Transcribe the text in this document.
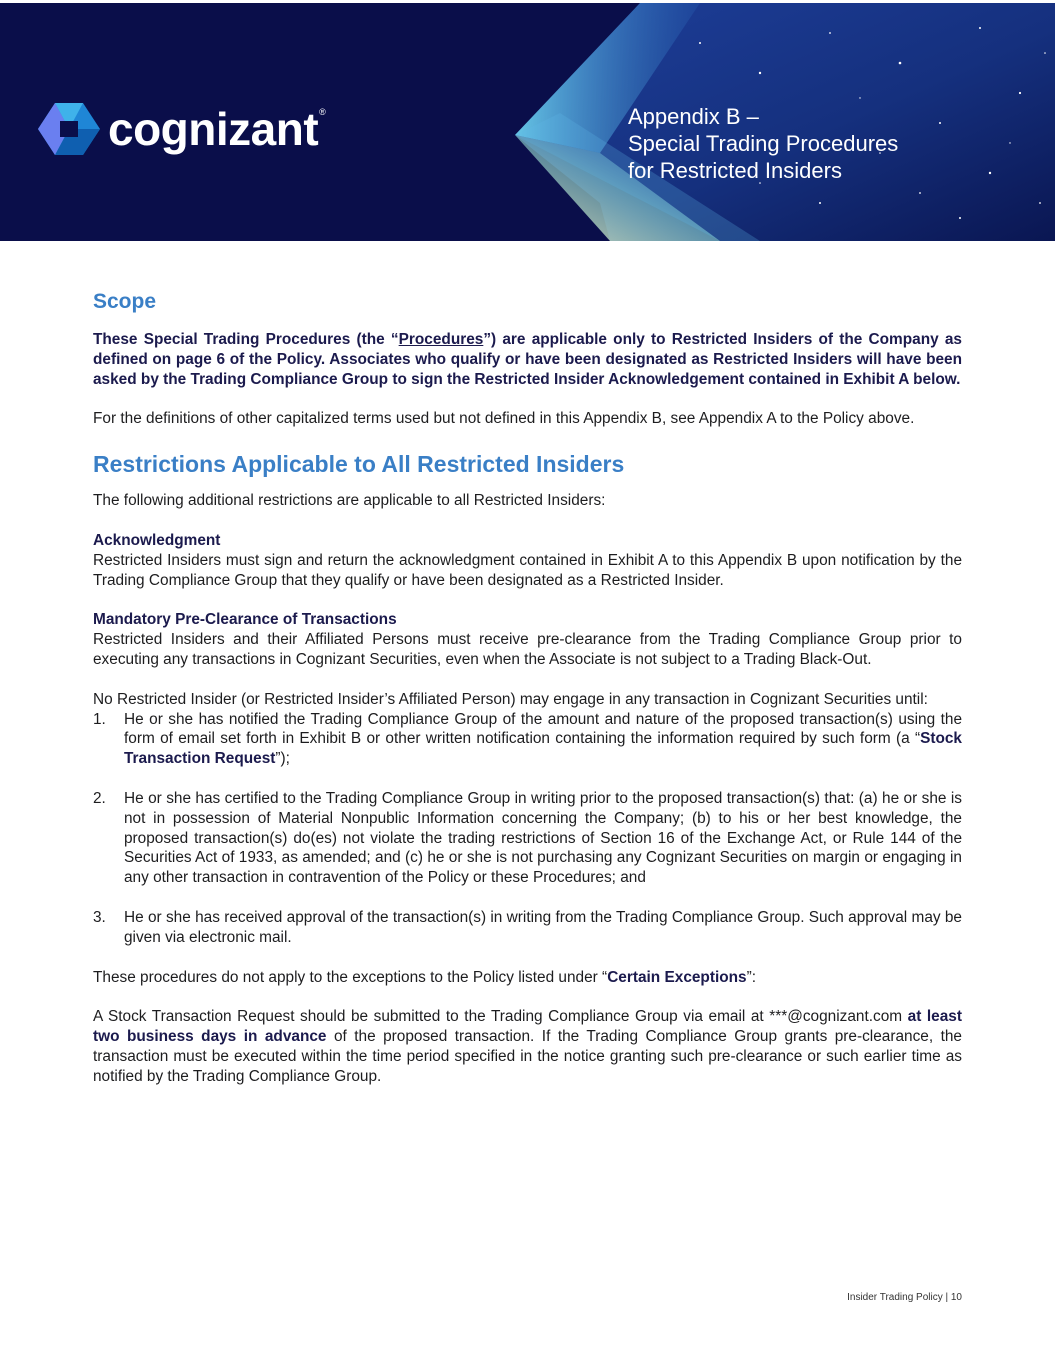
cognizant ®	Appendix B –
Special Trading Procedures
for Restricted Insiders
Scope

These Special Trading Procedures (the “Procedures”) are applicable only to Restricted Insiders of the Company as defined on page 6 of the Policy. Associates who qualify or have been designated as Restricted Insiders will have been asked by the Trading Compliance Group to sign the Restricted Insider Acknowledgement contained in Exhibit A below.

For the definitions of other capitalized terms used but not defined in this Appendix B, see Appendix A to the Policy above.

Restrictions Applicable to All Restricted Insiders

The following additional restrictions are applicable to all Restricted Insiders:

Acknowledgment

Restricted Insiders must sign and return the acknowledgment contained in Exhibit A to this Appendix B upon notification by the Trading Compliance Group that they qualify or have been designated as a Restricted Insider.

Mandatory Pre-Clearance of Transactions

Restricted Insiders and their Affiliated Persons must receive pre-clearance from the Trading Compliance Group prior to executing any transactions in Cognizant Securities, even when the Associate is not subject to a Trading Black-Out.

No Restricted Insider (or Restricted Insider’s Affiliated Person) may engage in any transaction in Cognizant Securities until:

1. He or she has notified the Trading Compliance Group of the amount and nature of the proposed transaction(s) using the form of email set forth in Exhibit B or other written notification containing the information required by such form (a “Stock Transaction Request”);
2. He or she has certified to the Trading Compliance Group in writing prior to the proposed transaction(s) that: (a) he or she is not in possession of Material Nonpublic Information concerning the Company; (b) to his or her best knowledge, the proposed transaction(s) do(es) not violate the trading restrictions of Section 16 of the Exchange Act, or Rule 144 of the Securities Act of 1933, as amended; and (c) he or she is not purchasing any Cognizant Securities on margin or engaging in any other transaction in contravention of the Policy or these Procedures; and
3. He or she has received approval of the transaction(s) in writing from the Trading Compliance Group. Such approval may be given via electronic mail.

These procedures do not apply to the exceptions to the Policy listed under “Certain Exceptions”:

A Stock Transaction Request should be submitted to the Trading Compliance Group via email at ***@cognizant.com at least two business days in advance of the proposed transaction. If the Trading Compliance Group grants pre-clearance, the transaction must be executed within the time period specified in the notice granting such pre-clearance or such earlier time as notified by the Trading Compliance Group.

Insider Trading Policy | 10
